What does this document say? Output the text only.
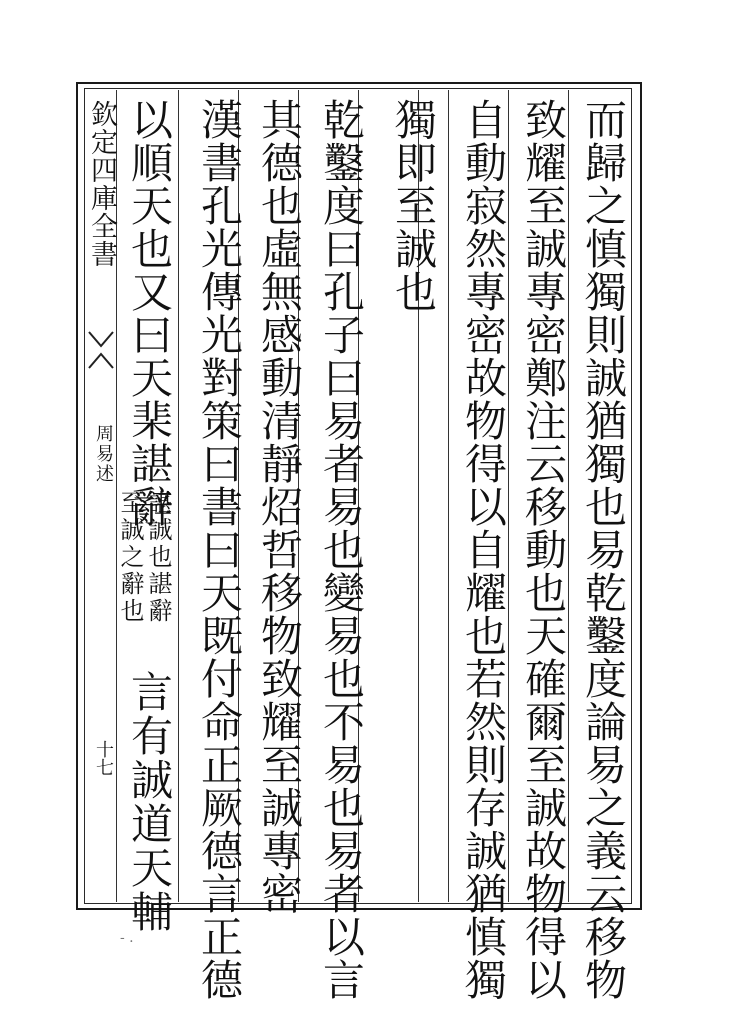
欽定四庫全書
周易述
十七	而歸之慎獨則誠猶獨也易乾鑿度論易之義云移物
致耀至誠專密鄭注云移動也天確爾至誠故物得以
自動寂然專密故物得以自耀也若然則存誠猶慎獨
獨即至誠也
乾鑿度曰孔子曰易者易也變易也不易也易者以言
其德也虛無感動清靜炤哲移物致耀至誠專密
漢書孔光傳光對策曰書曰天既付命正厥德言正德
以順天也又曰天棐諶辭
諶誠也諶辭
至誠之辭也
言有誠道天輔
- .
